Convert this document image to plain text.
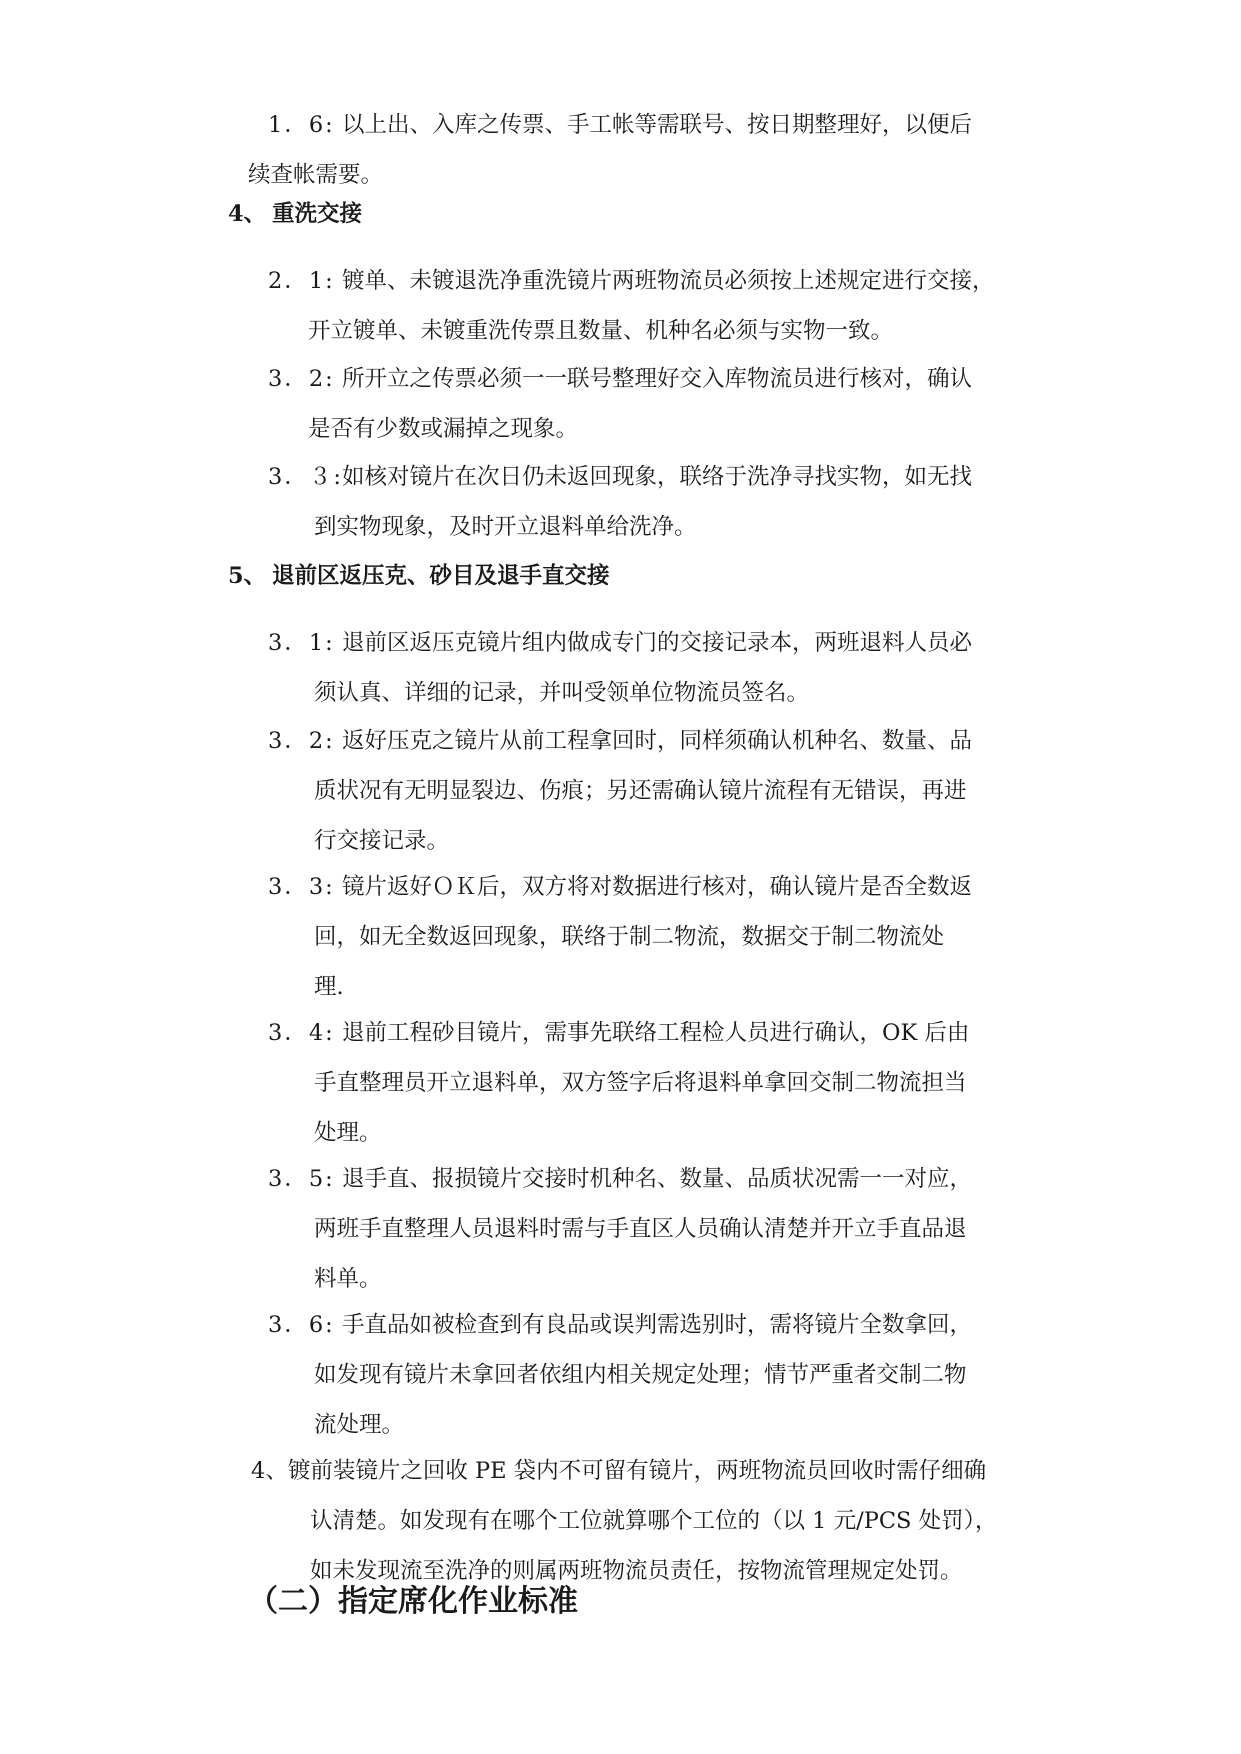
1．6: 以上出、入库之传票、手工帐等需联号、按日期整理好，以便后
续查帐需要。
4、 重洗交接
2．1: 镀单、未镀退洗净重洗镜片两班物流员必须按上述规定进行交接，
开立镀单、未镀重洗传票且数量、机种名必须与实物一致。
3．2: 所开立之传票必须一一联号整理好交入库物流员进行核对，确认
是否有少数或漏掉之现象。
3．３:如核对镜片在次日仍未返回现象，联络于洗净寻找实物，如无找
到实物现象，及时开立退料单给洗净。
5、 退前区返压克、砂目及退手直交接
3．1: 退前区返压克镜片组内做成专门的交接记录本，两班退料人员必
须认真、详细的记录，并叫受领单位物流员签名。
3．2: 返好压克之镜片从前工程拿回时，同样须确认机种名、数量、品
质状况有无明显裂边、伤痕；另还需确认镜片流程有无错误，再进
行交接记录。
3．3: 镜片返好ＯＫ后，双方将对数据进行核对，确认镜片是否全数返
回，如无全数返回现象，联络于制二物流，数据交于制二物流处
理.
3．4: 退前工程砂目镜片，需事先联络工程检人员进行确认，OK 后由
手直整理员开立退料单，双方签字后将退料单拿回交制二物流担当
处理。
3．5: 退手直、报损镜片交接时机种名、数量、品质状况需一一对应，
两班手直整理人员退料时需与手直区人员确认清楚并开立手直品退
料单。
3．6: 手直品如被检查到有良品或误判需选别时，需将镜片全数拿回，
如发现有镜片未拿回者依组内相关规定处理；情节严重者交制二物
流处理。
4、镀前装镜片之回收 PE 袋内不可留有镜片，两班物流员回收时需仔细确
认清楚。如发现有在哪个工位就算哪个工位的（以 1 元/PCS 处罚），
如未发现流至洗净的则属两班物流员责任，按物流管理规定处罚。
（二）指定席化作业标准
